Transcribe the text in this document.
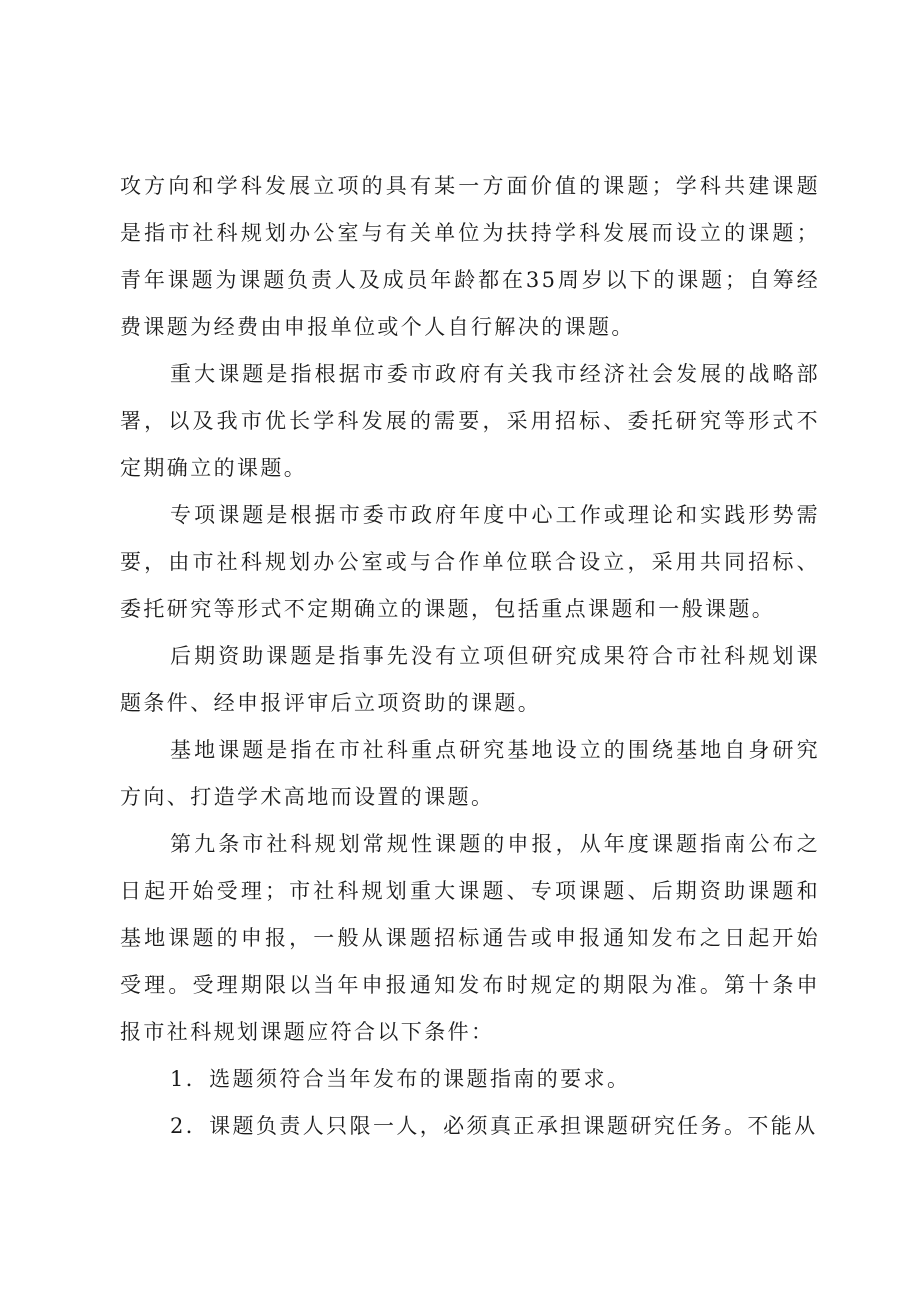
攻方向和学科发展立项的具有某一方面价值的课题；学科共建课题是指市社科规划办公室与有关单位为扶持学科发展而设立的课题；青年课题为课题负责人及成员年龄都在35周岁以下的课题；自筹经费课题为经费由申报单位或个人自行解决的课题。

重大课题是指根据市委市政府有关我市经济社会发展的战略部署，以及我市优长学科发展的需要，采用招标、委托研究等形式不定期确立的课题。

专项课题是根据市委市政府年度中心工作或理论和实践形势需要，由市社科规划办公室或与合作单位联合设立，采用共同招标、委托研究等形式不定期确立的课题，包括重点课题和一般课题。

后期资助课题是指事先没有立项但研究成果符合市社科规划课题条件、经申报评审后立项资助的课题。

基地课题是指在市社科重点研究基地设立的围绕基地自身研究方向、打造学术高地而设置的课题。

第九条市社科规划常规性课题的申报，从年度课题指南公布之日起开始受理；市社科规划重大课题、专项课题、后期资助课题和基地课题的申报，一般从课题招标通告或申报通知发布之日起开始受理。受理期限以当年申报通知发布时规定的期限为准。第十条申报市社科规划课题应符合以下条件：

1．选题须符合当年发布的课题指南的要求。

2．课题负责人只限一人，必须真正承担课题研究任务。不能从
